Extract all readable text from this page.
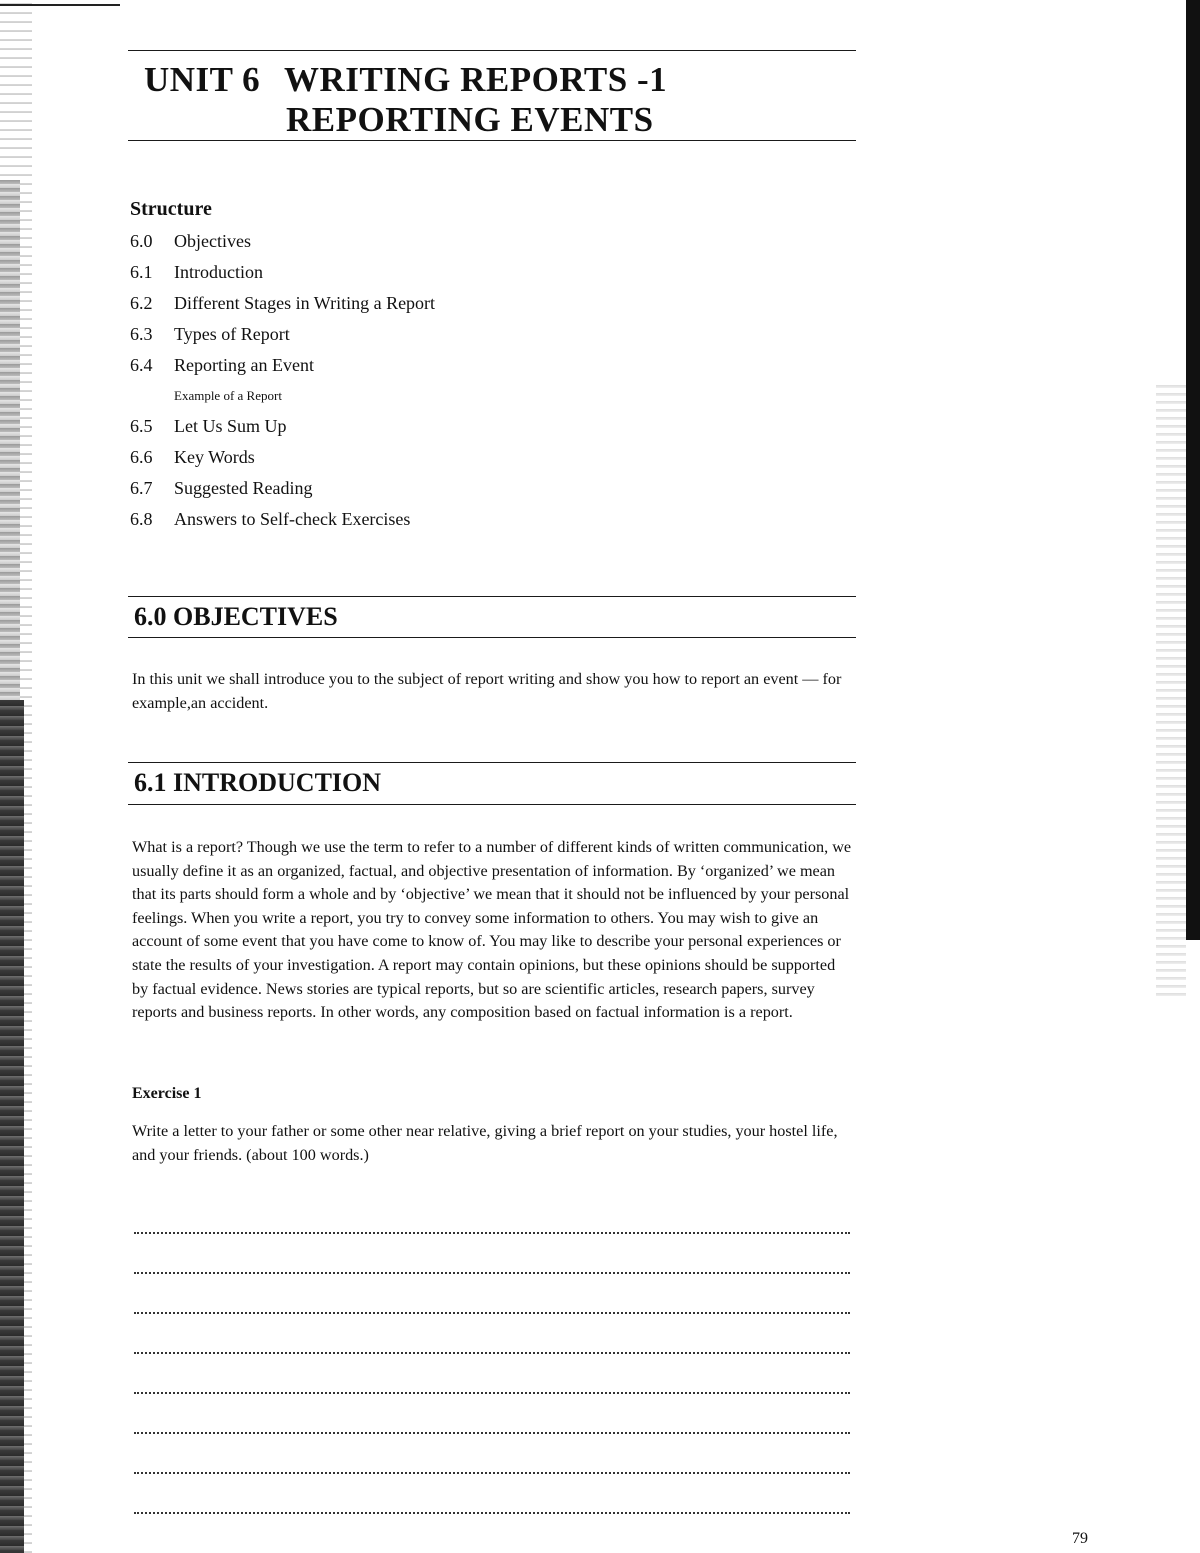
UNIT 6 WRITING REPORTS -1
REPORTING EVENTS
Structure
6.0	Objectives
6.1	Introduction
6.2	Different Stages in Writing a Report
6.3	Types of Report
6.4	Reporting an Event
Example of a Report
6.5	Let Us Sum Up
6.6	Key Words
6.7	Suggested Reading
6.8	Answers to Self-check Exercises
6.0 OBJECTIVES

In this unit we shall introduce you to the subject of report writing and show you how to report an event — for example,an accident.

6.1 INTRODUCTION

What is a report? Though we use the term to refer to a number of different kinds of written communication, we usually define it as an organized, factual, and objective presentation of information. By ‘organized’ we mean that its parts should form a whole and by ‘objective’ we mean that it should not be influenced by your personal feelings. When you write a report, you try to convey some information to others. You may wish to give an account of some event that you have come to know of. You may like to describe your personal experiences or state the results of your investigation. A report may contain opinions, but these opinions should be supported by factual evidence. News stories are typical reports, but so are scientific articles, research papers, survey reports and business reports. In other words, any composition based on factual information is a report.

Exercise 1

Write a letter to your father or some other near relative, giving a brief report on your studies, your hostel life, and your friends. (about 100 words.)

79
